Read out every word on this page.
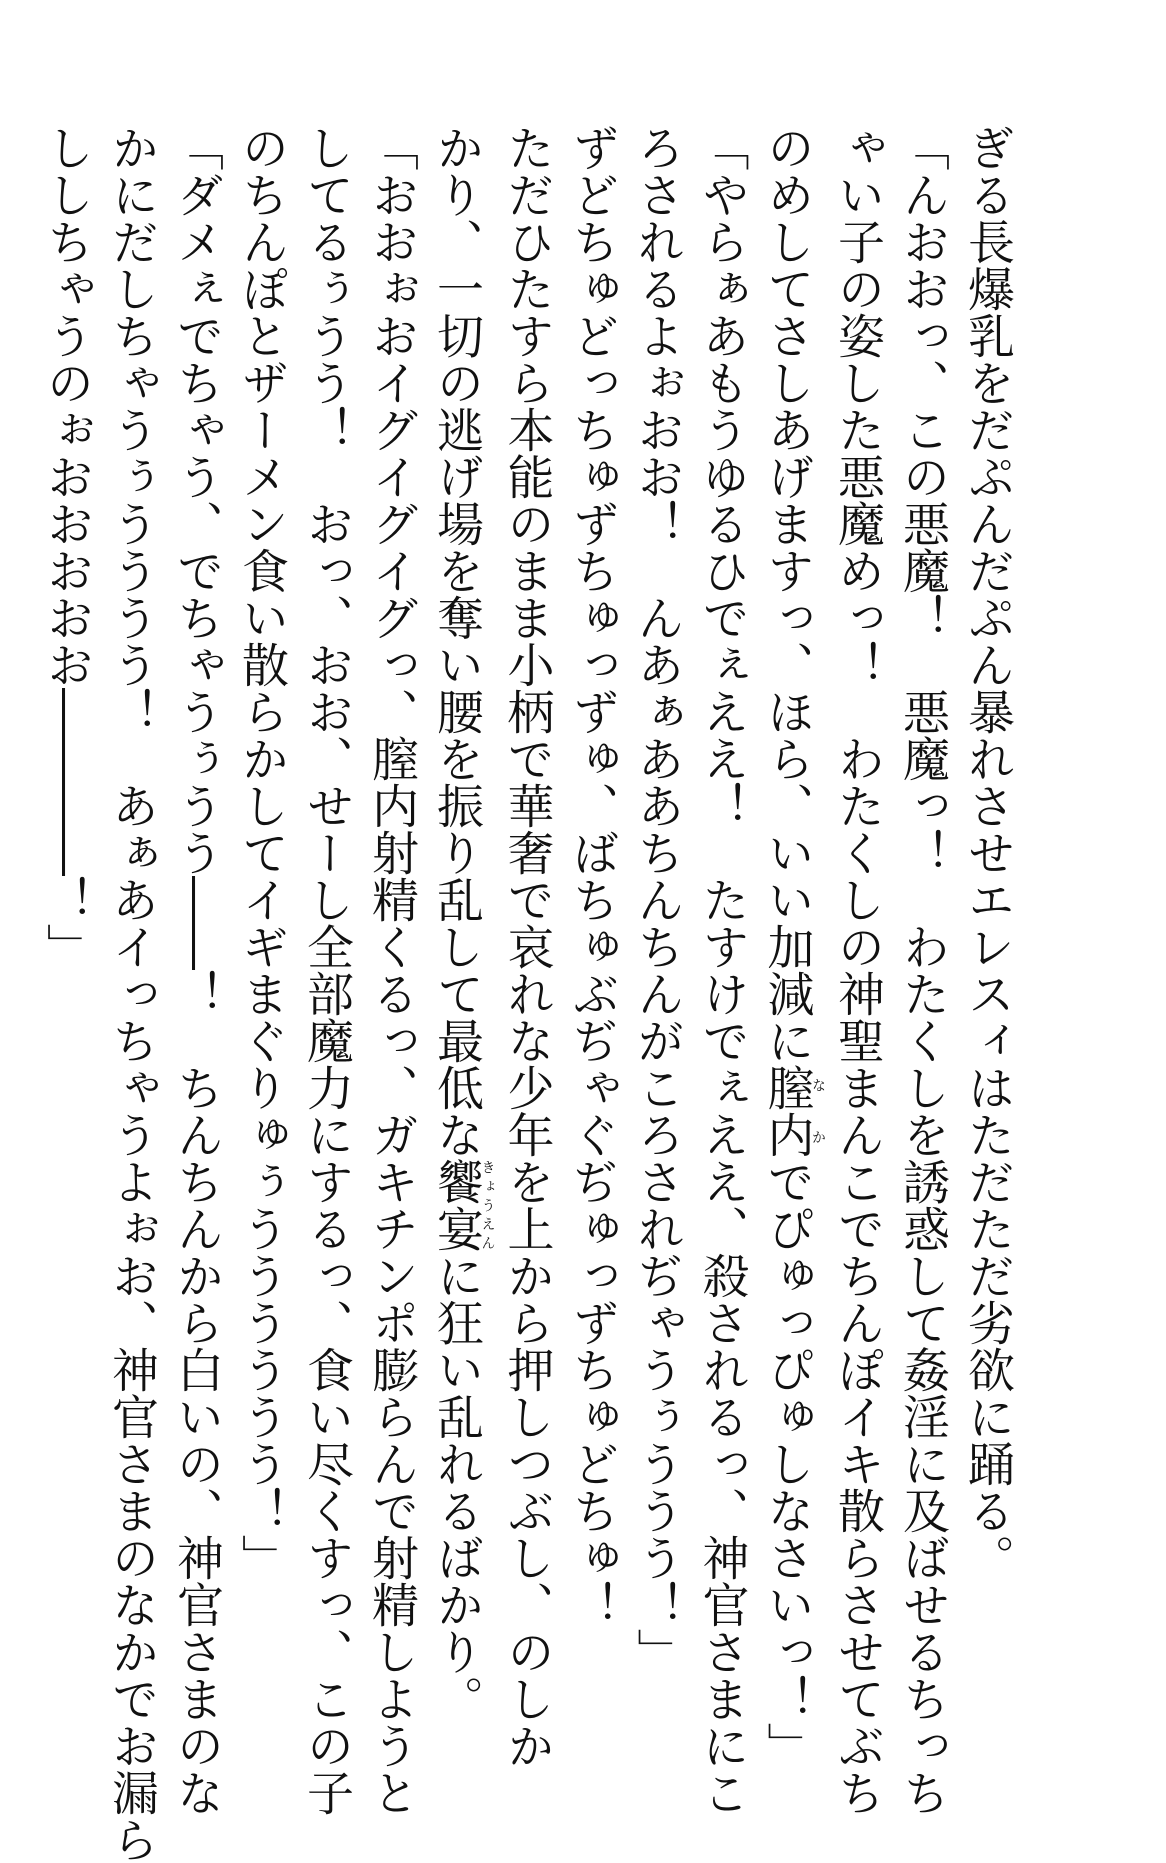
ぎる長爆乳をだぷんだぷん暴れさせエレスィはただただ劣欲に踊る。
「んおおっ、この悪魔！　悪魔っ！　わたくしを誘惑して姦淫に及ばせるちっち
ゃい子の姿した悪魔めっ！　わたくしの神聖まんこでちんぽイキ散らさせてぶち
のめしてさしあげますっ、ほら、いい加減に膣内なかでぴゅっぴゅしなさいっ！」
「やらぁあもうゆるひでぇええ！　たすけでぇええ、殺されるっ、神官さまにこ
ろされるよぉおお！　んあぁああちんちんがころされぢゃうぅううう！」
ずどちゅどっちゅずちゅっずゅ、ばちゅぶぢゃぐぢゅっずちゅどちゅ！
ただひたすら本能のまま小柄で華奢で哀れな少年を上から押しつぶし、のしか
かり、一切の逃げ場を奪い腰を振り乱して最低な饗宴きょうえんに狂い乱れるばかり。
「おおぉおイグイグイグっ、膣内射精くるっ、ガキチンポ膨らんで射精しようと
してるぅうう！　おっ、おお、せーし全部魔力にするっ、食い尽くすっ、この子
のちんぽとザーメン食い散らかしてイギまぐりゅぅうううううう！」
「ダメぇでちゃう、でちゃうぅうう――！　ちんちんから白いの、神官さまのな
かにだしちゃうぅうううう！　あぁあイっちゃうよぉお、神官さまのなかでお漏ら
ししちゃうのぉおおおおお――――！」
